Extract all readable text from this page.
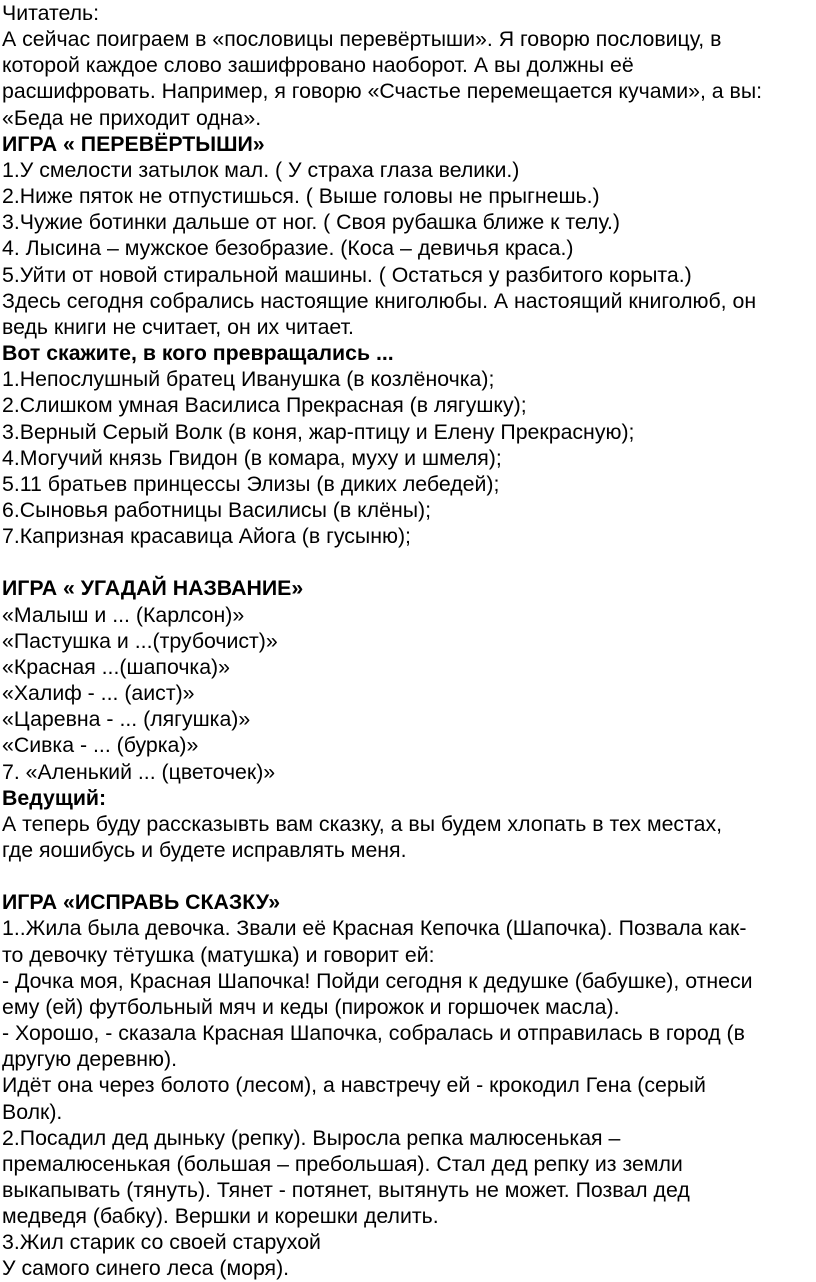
Читатель:
А сейчас поиграем в «пословицы перевёртыши». Я говорю пословицу, в
которой каждое слово зашифровано наоборот. А вы должны её
расшифровать. Например, я говорю «Счастье перемещается кучами», а вы:
«Беда не приходит одна».
ИГРА « ПЕРЕВЁРТЫШИ»
1.У смелости затылок мал. ( У страха глаза велики.)
2.Ниже пяток не отпустишься. ( Выше головы не прыгнешь.)
3.Чужие ботинки дальше от ног. ( Своя рубашка ближе к телу.)
4. Лысина – мужское безобразие. (Коса – девичья краса.)
5.Уйти от новой стиральной машины. ( Остаться у разбитого корыта.)
Здесь сегодня собрались настоящие книголюбы. А настоящий книголюб, он
ведь книги не считает, он их читает.
Вот скажите, в кого превращались ...
1.Непослушный братец Иванушка (в козлёночка);
2.Слишком умная Василиса Прекрасная (в лягушку);
3.Верный Серый Волк (в коня, жар-птицу и Елену Прекрасную);
4.Могучий князь Гвидон (в комара, муху и шмеля);
5.11 братьев принцессы Элизы (в диких лебедей);
6.Сыновья работницы Василисы (в клёны);
7.Капризная красавица Айога (в гусыню);
ИГРА « УГАДАЙ НАЗВАНИЕ»
«Малыш и ... (Карлсон)»
«Пастушка и ...(трубочист)»
«Красная ...(шапочка)»
«Халиф - ... (аист)»
«Царевна - ... (лягушка)»
«Сивка - ... (бурка)»
7. «Аленький ... (цветочек)»
Ведущий:
А теперь буду рассказывть вам сказку, а вы будем хлопать в тех местах,
где яошибусь и будете исправлять меня.
ИГРА «ИСПРАВЬ СКАЗКУ»
1..Жила была девочка. Звали её Красная Кепочка (Шапочка). Позвала как-
то девочку тётушка (матушка) и говорит ей:
- Дочка моя, Красная Шапочка! Пойди сегодня к дедушке (бабушке), отнеси
ему (ей) футбольный мяч и кеды (пирожок и горшочек масла).
- Хорошо, - сказала Красная Шапочка, собралась и отправилась в город (в
другую деревню).
Идёт она через болото (лесом), а навстречу ей - крокодил Гена (серый
Волк).
2.Посадил дед дыньку (репку). Выросла репка малюсенькая –
премалюсенькая (большая – пребольшая). Стал дед репку из земли
выкапывать (тянуть). Тянет - потянет, вытянуть не может. Позвал дед
медведя (бабку). Вершки и корешки делить.
3.Жил старик со своей старухой
У самого синего леса (моря).
